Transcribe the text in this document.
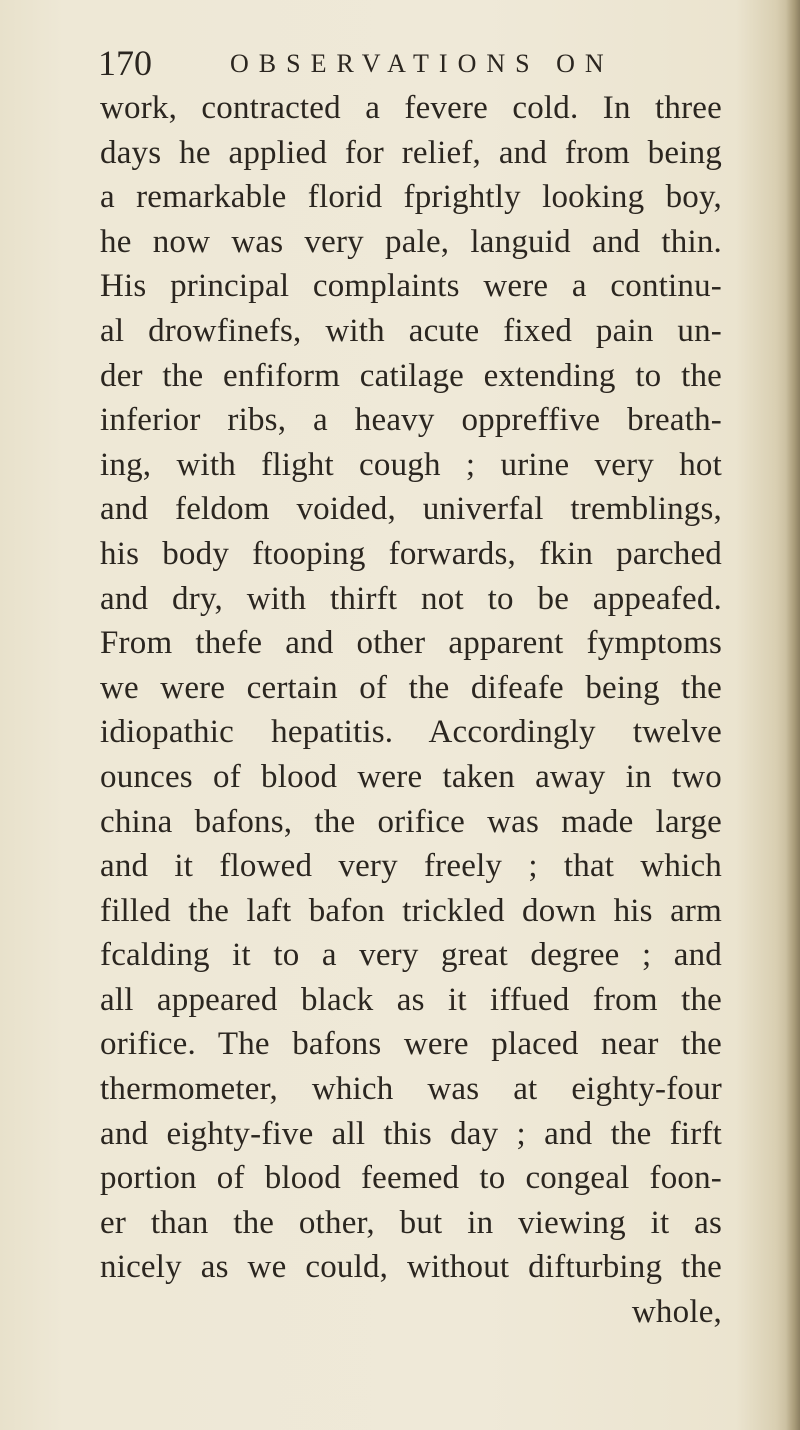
170	OBSERVATIONS ON
work, contracted a fevere cold. In three
days he applied for relief, and from being
a remarkable florid fprightly looking boy,
he now was very pale, languid and thin.
His principal complaints were a continu-
al drowfinefs, with acute fixed pain un-
der the enfiform catilage extending to the
inferior ribs, a heavy oppreffive breath-
ing, with flight cough ; urine very hot
and feldom voided, univerfal tremblings,
his body ftooping forwards, fkin parched
and dry, with thirft not to be appeafed.
From thefe and other apparent fymptoms
we were certain of the difeafe being the
idiopathic hepatitis. Accordingly twelve
ounces of blood were taken away in two
china bafons, the orifice was made large
and it flowed very freely ; that which
filled the laft bafon trickled down his arm
fcalding it to a very great degree ; and
all appeared black as it iffued from the
orifice. The bafons were placed near the
thermometer, which was at eighty-four
and eighty-five all this day ; and the firft
portion of blood feemed to congeal foon-
er than the other, but in viewing it as
nicely as we could, without difturbing the
whole,
